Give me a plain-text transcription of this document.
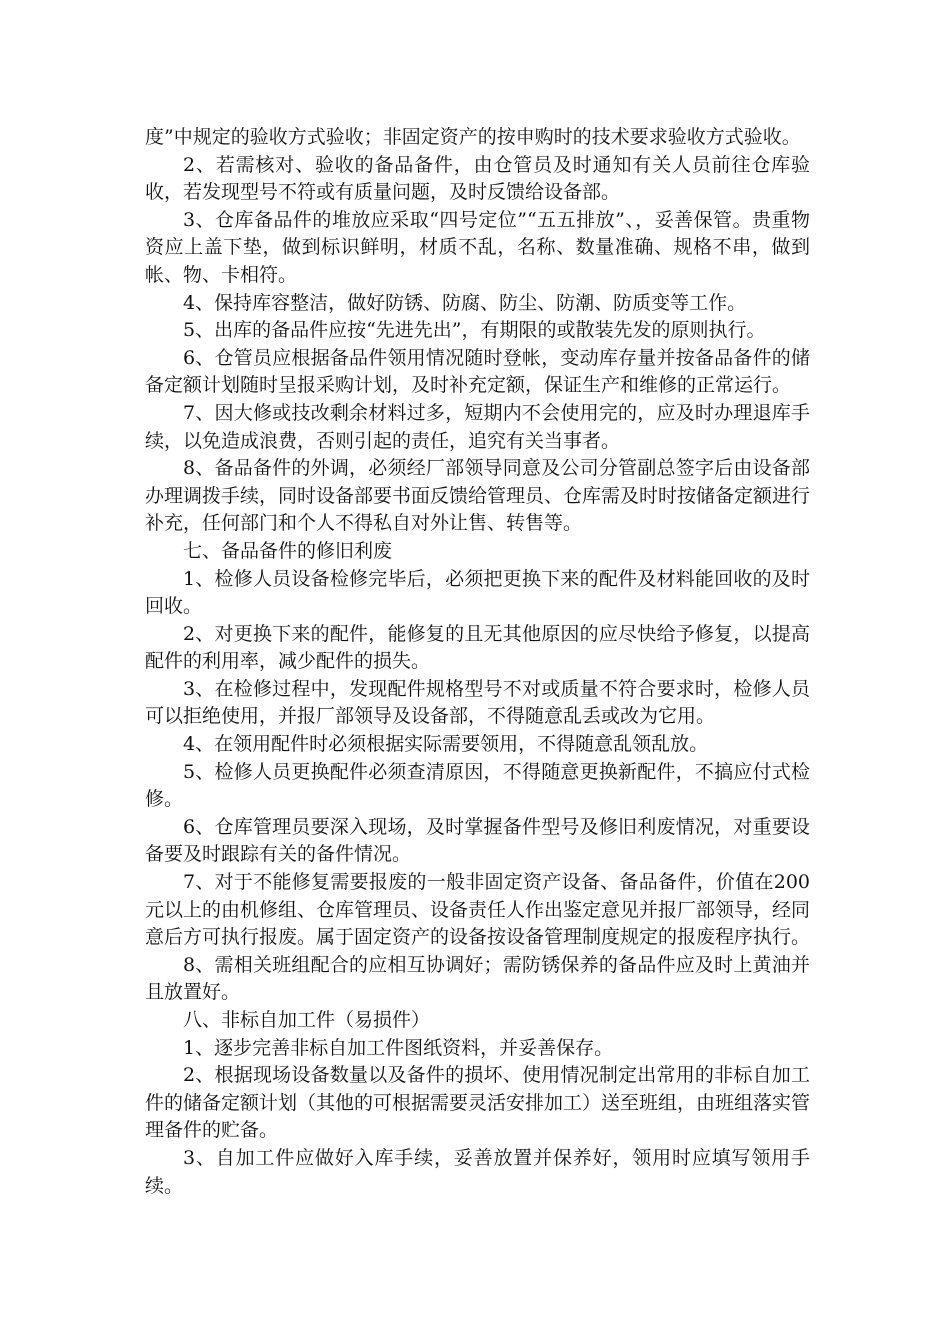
度”中规定的验收方式验收；非固定资产的按申购时的技术要求验收方式验收。

2、若需核对、验收的备品备件，由仓管员及时通知有关人员前往仓库验收，若发现型号不符或有质量问题，及时反馈给设备部。

3、仓库备品件的堆放应采取“四号定位”“五五排放”、，妥善保管。贵重物资应上盖下垫，做到标识鲜明，材质不乱，名称、数量准确、规格不串，做到帐、物、卡相符。

4、保持库容整洁，做好防锈、防腐、防尘、防潮、防质变等工作。

5、出库的备品件应按“先进先出”，有期限的或散装先发的原则执行。

6、仓管员应根据备品件领用情况随时登帐，变动库存量并按备品备件的储备定额计划随时呈报采购计划，及时补充定额，保证生产和维修的正常运行。

7、因大修或技改剩余材料过多，短期内不会使用完的，应及时办理退库手续，以免造成浪费，否则引起的责任，追究有关当事者。

8、备品备件的外调，必须经厂部领导同意及公司分管副总签字后由设备部办理调拨手续，同时设备部要书面反馈给管理员、仓库需及时时按储备定额进行补充，任何部门和个人不得私自对外让售、转售等。

七、备品备件的修旧利废

1、检修人员设备检修完毕后，必须把更换下来的配件及材料能回收的及时回收。

2、对更换下来的配件，能修复的且无其他原因的应尽快给予修复，以提高配件的利用率，减少配件的损失。

3、在检修过程中，发现配件规格型号不对或质量不符合要求时，检修人员可以拒绝使用，并报厂部领导及设备部，不得随意乱丢或改为它用。

4、在领用配件时必须根据实际需要领用，不得随意乱领乱放。

5、检修人员更换配件必须查清原因，不得随意更换新配件，不搞应付式检修。

6、仓库管理员要深入现场，及时掌握备件型号及修旧利废情况，对重要设备要及时跟踪有关的备件情况。

7、对于不能修复需要报废的一般非固定资产设备、备品备件，价值在200元以上的由机修组、仓库管理员、设备责任人作出鉴定意见并报厂部领导，经同意后方可执行报废。属于固定资产的设备按设备管理制度规定的报废程序执行。

8、需相关班组配合的应相互协调好；需防锈保养的备品件应及时上黄油并且放置好。

八、非标自加工件（易损件）

1、逐步完善非标自加工件图纸资料，并妥善保存。

2、根据现场设备数量以及备件的损坏、使用情况制定出常用的非标自加工件的储备定额计划（其他的可根据需要灵活安排加工）送至班组，由班组落实管理备件的贮备。

3、自加工件应做好入库手续，妥善放置并保养好，领用时应填写领用手续。
